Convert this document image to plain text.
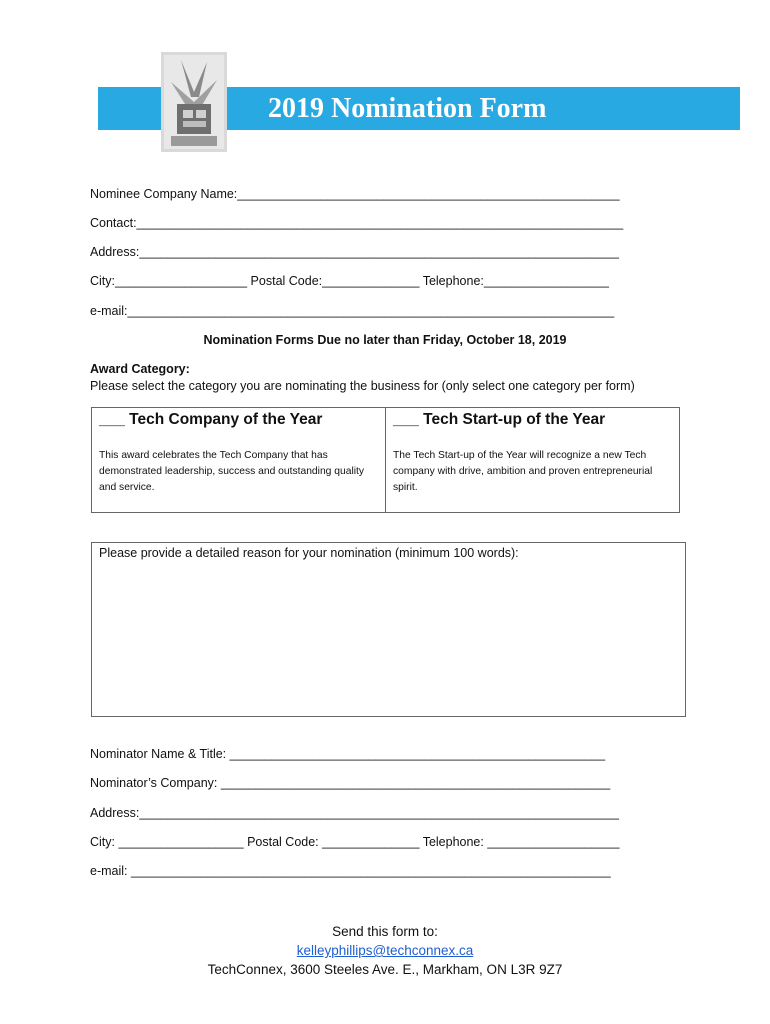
2019 Nomination Form
Nominee Company Name:_______________________________________________________
Contact:______________________________________________________________________
Address:_____________________________________________________________________
City:___________________ Postal Code:______________ Telephone:__________________
e-mail:______________________________________________________________________
Nomination Forms Due no later than Friday, October 18, 2019
Award Category:
Please select the category you are nominating the business for (only select one category per form)
___ Tech Company of the Year
This award celebrates the Tech Company that has demonstrated leadership, success and outstanding quality and service.
___ Tech Start-up of the Year
The Tech Start-up of the Year will recognize a new Tech company with drive, ambition and proven entrepreneurial spirit.
Please provide a detailed reason for your nomination (minimum 100 words):
Nominator Name & Title: ______________________________________________________
Nominator’s Company: ________________________________________________________
Address:_____________________________________________________________________
City: __________________ Postal Code: ______________ Telephone: ___________________
e-mail: _____________________________________________________________________
Send this form to:
kelleyphillips@techconnex.ca
TechConnex, 3600 Steeles Ave. E., Markham, ON L3R 9Z7
